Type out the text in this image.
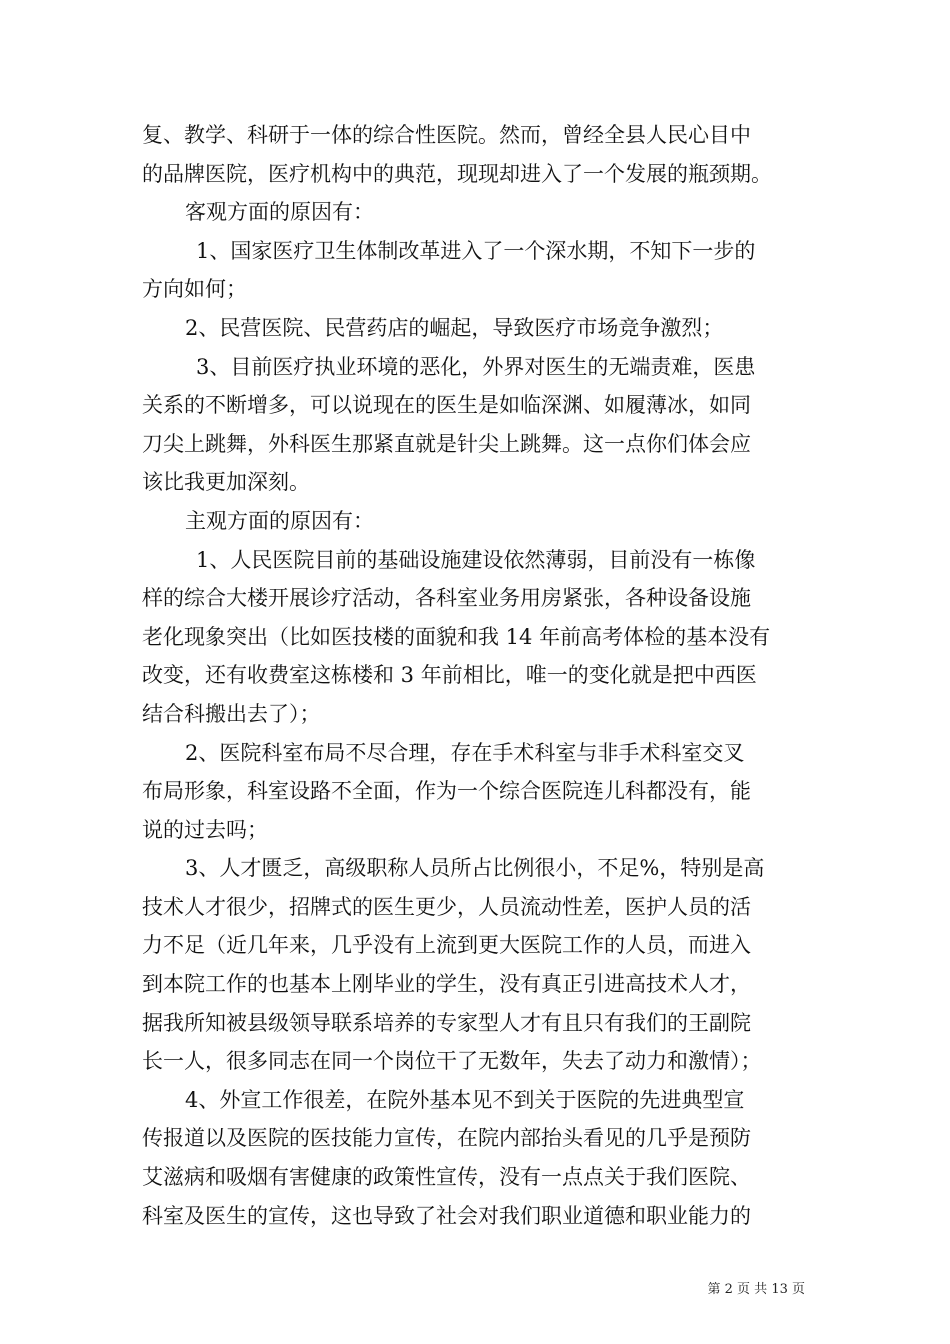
复、教学、科研于一体的综合性医院。然而，曾经全县人民心目中
的品牌医院，医疗机构中的典范，现现却进入了一个发展的瓶颈期。
客观方面的原因有：
1、国家医疗卫生体制改革进入了一个深水期，不知下一步的
方向如何；
2、民营医院、民营药店的崛起，导致医疗市场竞争激烈；
3、目前医疗执业环境的恶化，外界对医生的无端责难，医患
关系的不断增多，可以说现在的医生是如临深渊、如履薄冰，如同
刀尖上跳舞，外科医生那紧直就是针尖上跳舞。这一点你们体会应
该比我更加深刻。
主观方面的原因有：
1、人民医院目前的基础设施建设依然薄弱，目前没有一栋像
样的综合大楼开展诊疗活动，各科室业务用房紧张，各种设备设施
老化现象突出（比如医技楼的面貌和我 14 年前高考体检的基本没有
改变，还有收费室这栋楼和 3 年前相比，唯一的变化就是把中西医
结合科搬出去了）；
2、医院科室布局不尽合理，存在手术科室与非手术科室交叉
布局形象，科室设路不全面，作为一个综合医院连儿科都没有，能
说的过去吗；
3、人才匮乏，高级职称人员所占比例很小，不足%，特别是高
技术人才很少，招牌式的医生更少，人员流动性差，医护人员的活
力不足（近几年来，几乎没有上流到更大医院工作的人员，而进入
到本院工作的也基本上刚毕业的学生，没有真正引进高技术人才，
据我所知被县级领导联系培养的专家型人才有且只有我们的王副院
长一人，很多同志在同一个岗位干了无数年，失去了动力和激情）；
4、外宣工作很差，在院外基本见不到关于医院的先进典型宣
传报道以及医院的医技能力宣传，在院内部抬头看见的几乎是预防
艾滋病和吸烟有害健康的政策性宣传，没有一点点关于我们医院、
科室及医生的宣传，这也导致了社会对我们职业道德和职业能力的
第 2 页 共 13 页
